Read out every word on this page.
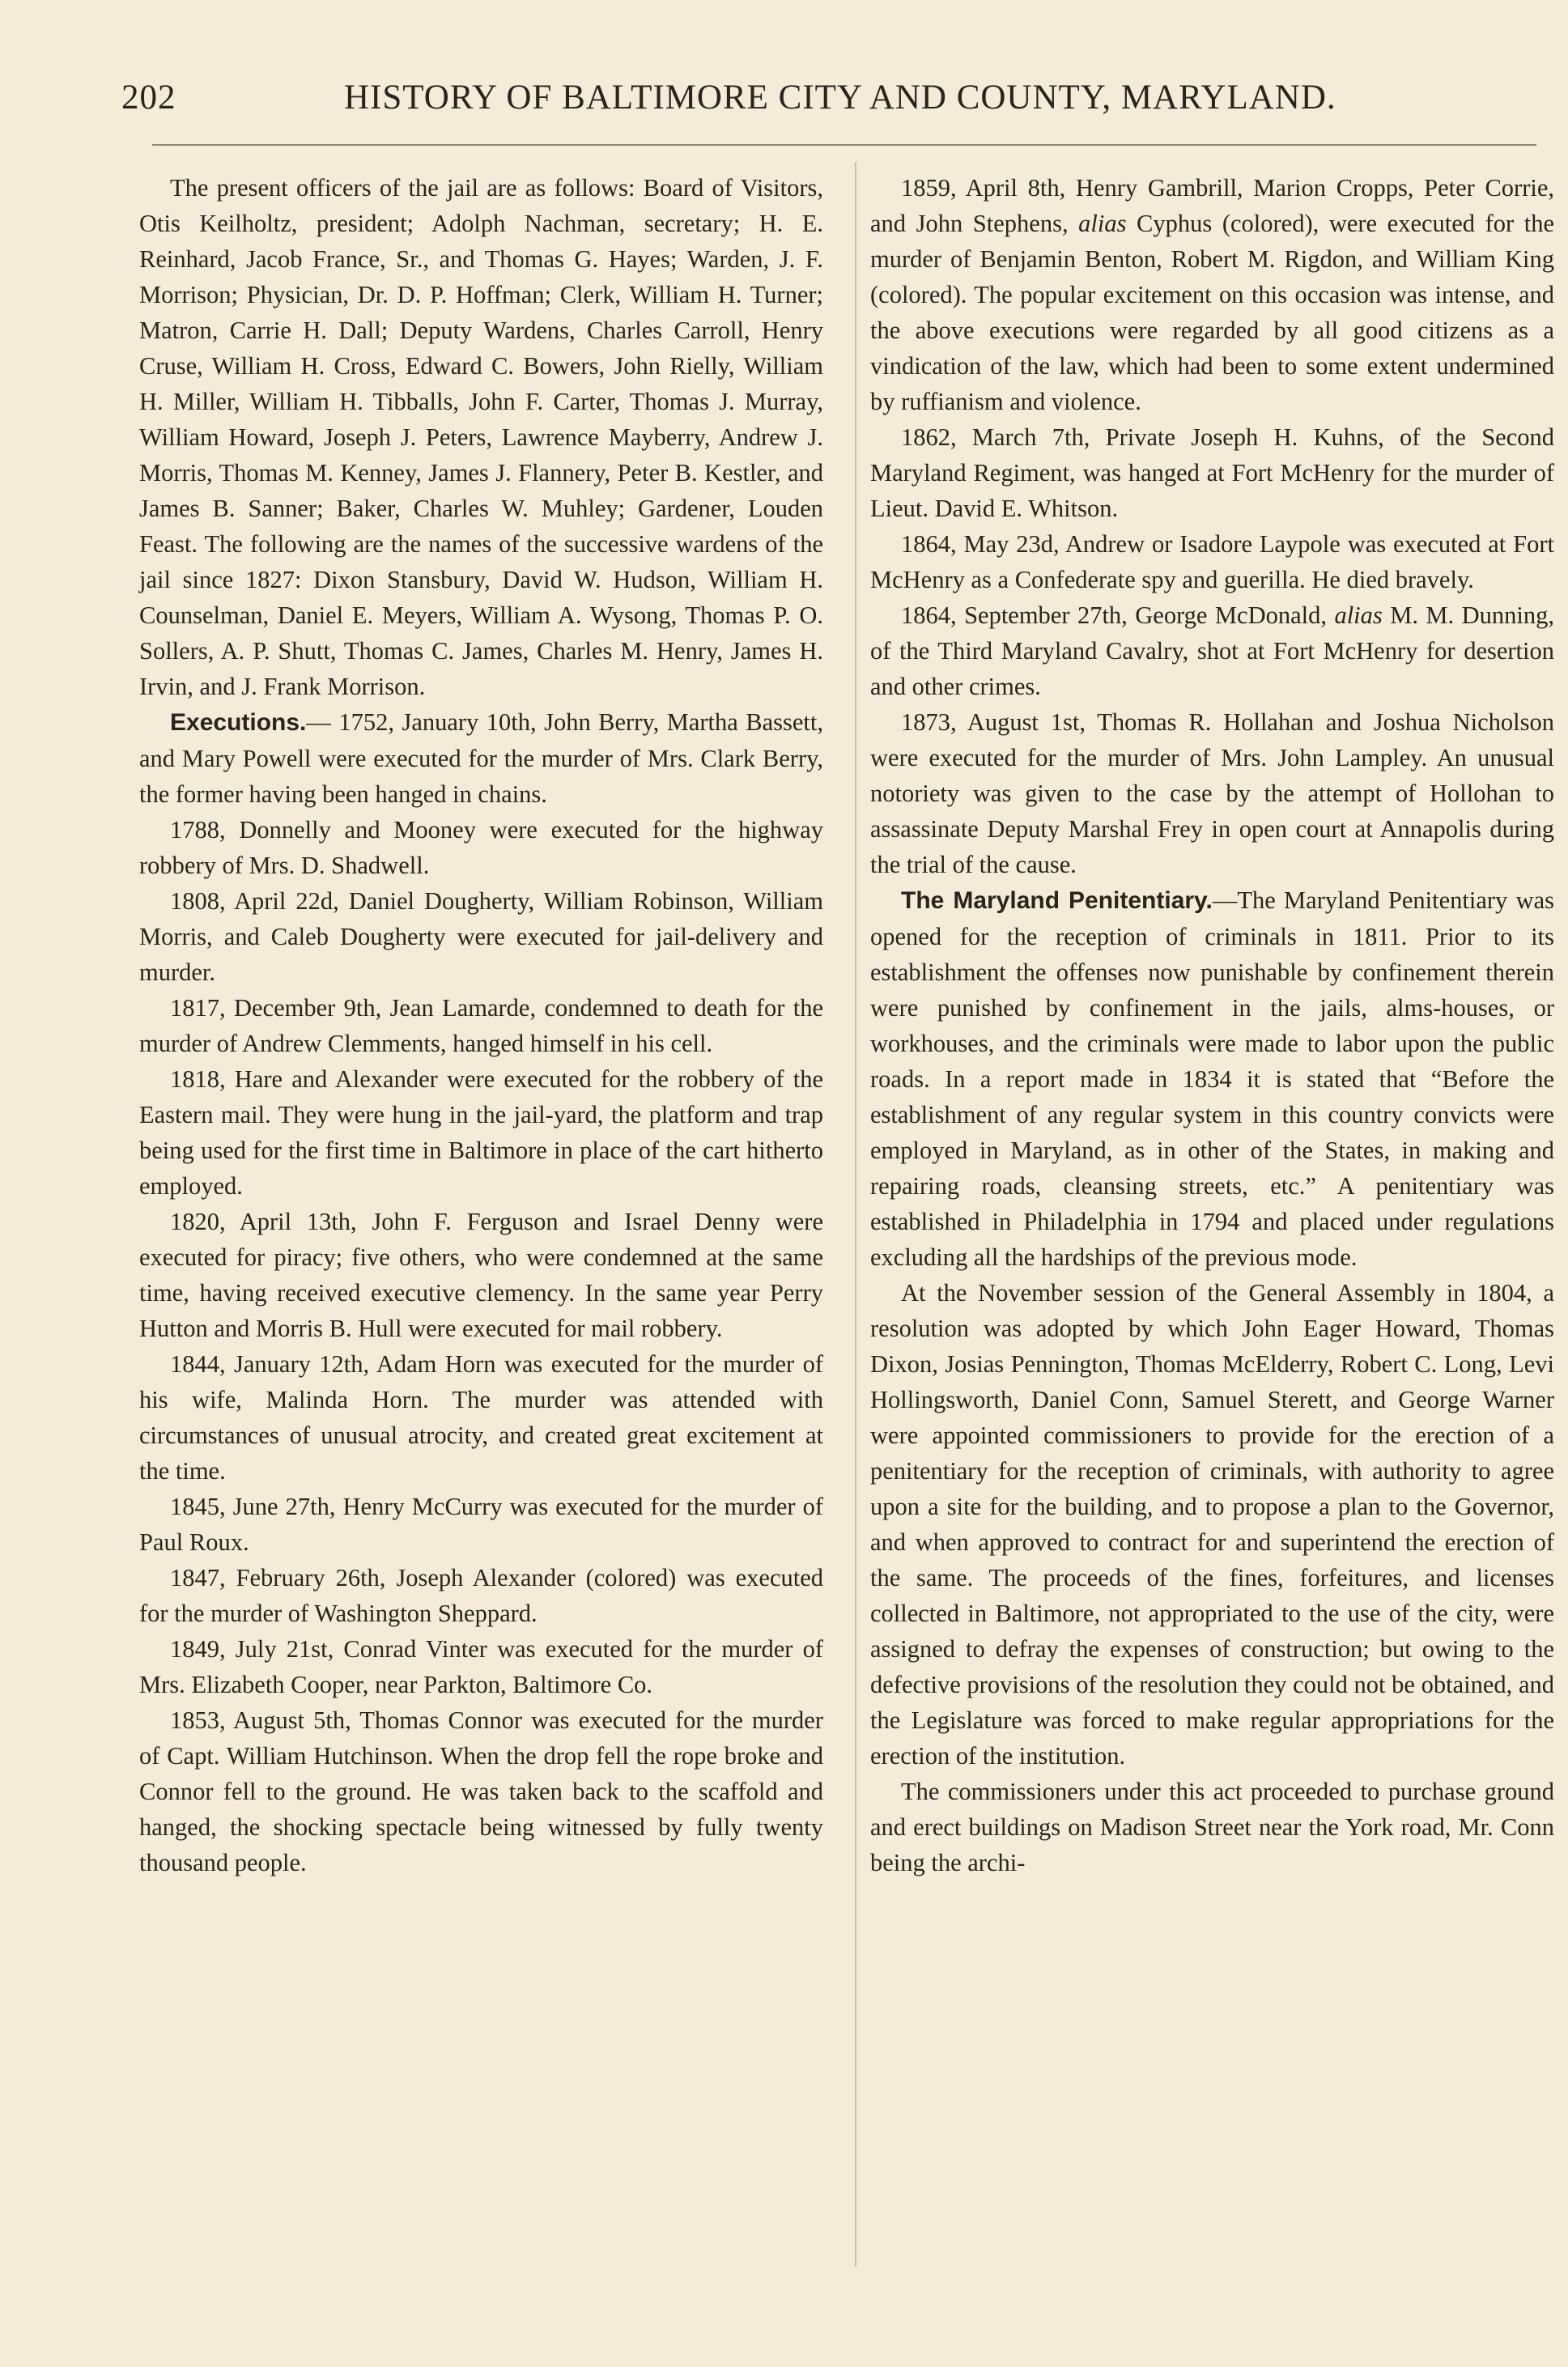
202	HISTORY OF BALTIMORE CITY AND COUNTY, MARYLAND.

The present officers of the jail are as follows: Board of Visitors, Otis Keilholtz, president; Adolph Nachman, secretary; H. E. Reinhard, Jacob France, Sr., and Thomas G. Hayes; Warden, J. F. Morrison; Physician, Dr. D. P. Hoffman; Clerk, William H. Turner; Matron, Carrie H. Dall; Deputy Wardens, Charles Carroll, Henry Cruse, William H. Cross, Edward C. Bowers, John Rielly, William H. Miller, William H. Tibballs, John F. Carter, Thomas J. Murray, William Howard, Joseph J. Peters, Lawrence Mayberry, Andrew J. Morris, Thomas M. Kenney, James J. Flannery, Peter B. Kestler, and James B. Sanner; Baker, Charles W. Muhley; Gardener, Louden Feast. The following are the names of the successive wardens of the jail since 1827: Dixon Stansbury, David W. Hudson, William H. Counselman, Daniel E. Meyers, William A. Wysong, Thomas P. O. Sollers, A. P. Shutt, Thomas C. James, Charles M. Henry, James H. Irvin, and J. Frank Morrison.

Executions.— 1752, January 10th, John Berry, Martha Bassett, and Mary Powell were executed for the murder of Mrs. Clark Berry, the former having been hanged in chains.

1788, Donnelly and Mooney were executed for the highway robbery of Mrs. D. Shadwell.

1808, April 22d, Daniel Dougherty, William Robinson, William Morris, and Caleb Dougherty were executed for jail-delivery and murder.

1817, December 9th, Jean Lamarde, condemned to death for the murder of Andrew Clemments, hanged himself in his cell.

1818, Hare and Alexander were executed for the robbery of the Eastern mail. They were hung in the jail-yard, the platform and trap being used for the first time in Baltimore in place of the cart hitherto employed.

1820, April 13th, John F. Ferguson and Israel Denny were executed for piracy; five others, who were condemned at the same time, having received executive clemency. In the same year Perry Hutton and Morris B. Hull were executed for mail robbery.

1844, January 12th, Adam Horn was executed for the murder of his wife, Malinda Horn. The murder was attended with circumstances of unusual atrocity, and created great excitement at the time.

1845, June 27th, Henry McCurry was executed for the murder of Paul Roux.

1847, February 26th, Joseph Alexander (colored) was executed for the murder of Washington Sheppard.

1849, July 21st, Conrad Vinter was executed for the murder of Mrs. Elizabeth Cooper, near Parkton, Baltimore Co.

1853, August 5th, Thomas Connor was executed for the murder of Capt. William Hutchinson. When the drop fell the rope broke and Connor fell to the ground. He was taken back to the scaffold and hanged, the shocking spectacle being witnessed by fully twenty thousand people.

1859, April 8th, Henry Gambrill, Marion Cropps, Peter Corrie, and John Stephens, alias Cyphus (colored), were executed for the murder of Benjamin Benton, Robert M. Rigdon, and William King (colored). The popular excitement on this occasion was intense, and the above executions were regarded by all good citizens as a vindication of the law, which had been to some extent undermined by ruffianism and violence.

1862, March 7th, Private Joseph H. Kuhns, of the Second Maryland Regiment, was hanged at Fort McHenry for the murder of Lieut. David E. Whitson.

1864, May 23d, Andrew or Isadore Laypole was executed at Fort McHenry as a Confederate spy and guerilla. He died bravely.

1864, September 27th, George McDonald, alias M. M. Dunning, of the Third Maryland Cavalry, shot at Fort McHenry for desertion and other crimes.

1873, August 1st, Thomas R. Hollahan and Joshua Nicholson were executed for the murder of Mrs. John Lampley. An unusual notoriety was given to the case by the attempt of Hollohan to assassinate Deputy Marshal Frey in open court at Annapolis during the trial of the cause.

The Maryland Penitentiary.—The Maryland Penitentiary was opened for the reception of criminals in 1811. Prior to its establishment the offenses now punishable by confinement therein were punished by confinement in the jails, alms-houses, or workhouses, and the criminals were made to labor upon the public roads. In a report made in 1834 it is stated that “Before the establishment of any regular system in this country convicts were employed in Maryland, as in other of the States, in making and repairing roads, cleansing streets, etc.” A penitentiary was established in Philadelphia in 1794 and placed under regulations excluding all the hardships of the previous mode.

At the November session of the General Assembly in 1804, a resolution was adopted by which John Eager Howard, Thomas Dixon, Josias Pennington, Thomas McElderry, Robert C. Long, Levi Hollingsworth, Daniel Conn, Samuel Sterett, and George Warner were appointed commissioners to provide for the erection of a penitentiary for the reception of criminals, with authority to agree upon a site for the building, and to propose a plan to the Governor, and when approved to contract for and superintend the erection of the same. The proceeds of the fines, forfeitures, and licenses collected in Baltimore, not appropriated to the use of the city, were assigned to defray the expenses of construction; but owing to the defective provisions of the resolution they could not be obtained, and the Legislature was forced to make regular appropriations for the erection of the institution.

The commissioners under this act proceeded to purchase ground and erect buildings on Madison Street near the York road, Mr. Conn being the archi-
